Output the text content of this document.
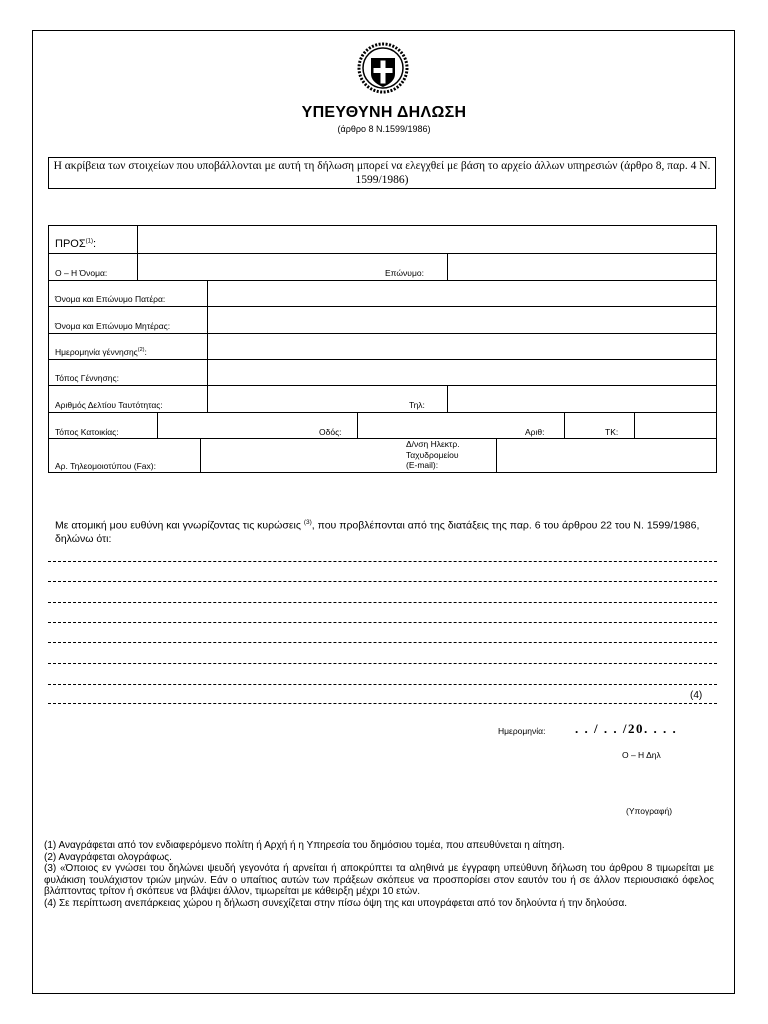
ΥΠΕΥΘΥΝΗ ΔΗΛΩΣΗ
(άρθρο 8 Ν.1599/1986)
Η ακρίβεια των στοιχείων που υποβάλλονται με αυτή τη δήλωση μπορεί να ελεγχθεί με βάση το αρχείο άλλων υπηρεσιών (άρθρο 8, παρ. 4 Ν. 1599/1986)
ΠΡΟΣ$^{(1)}$:
Ο – Η Όνομα:	Επώνυμο:
Όνομα και Επώνυμο Πατέρα:
Όνομα και Επώνυμο Μητέρας:
Ημερομηνία γέννησης$^{(2)}$:
Τόπος Γέννησης:
Αριθμός Δελτίου Ταυτότητας:	Τηλ:
Τόπος Κατοικίας:	Οδός:	Αριθ:	ΤΚ:
Αρ. Τηλεομοιοτύπου (Fax):
Δ/νση Ηλεκτρ.
Ταχυδρομείου
(E-mail):
Με ατομική μου ευθύνη και γνωρίζοντας τις κυρώσεις $^{(3)}$, που προβλέπονται από της διατάξεις της παρ. 6 του άρθρου 22 του Ν. 1599/1986, δηλώνω ότι:
(4)
Ημερομηνία: . . / . . /20. . . .
Ο – Η Δηλ
(Υπογραφή)

(1) Αναγράφεται από τον ενδιαφερόμενο πολίτη ή Αρχή ή η Υπηρεσία του δημόσιου τομέα, που απευθύνεται η αίτηση.

(2) Αναγράφεται ολογράφως.

(3) «Όποιος εν γνώσει του δηλώνει ψευδή γεγονότα ή αρνείται ή αποκρύπτει τα αληθινά με έγγραφη υπεύθυνη δήλωση του άρθρου 8 τιμωρείται με φυλάκιση τουλάχιστον τριών μηνών. Εάν ο υπαίτιος αυτών των πράξεων σκόπευε να προσπορίσει στον εαυτόν του ή σε άλλον περιουσιακό όφελος βλάπτοντας τρίτον ή σκόπευε να βλάψει άλλον, τιμωρείται με κάθειρξη μέχρι 10 ετών.

(4) Σε περίπτωση ανεπάρκειας χώρου η δήλωση συνεχίζεται στην πίσω όψη της και υπογράφεται από τον δηλούντα ή την δηλούσα.
